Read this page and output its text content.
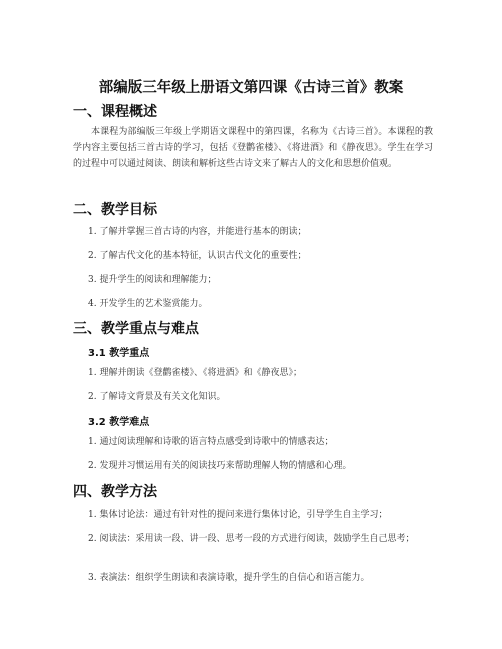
部编版三年级上册语文第四课《古诗三首》教案
一、课程概述

本课程为部编版三年级上学期语文课程中的第四课，名称为《古诗三首》。本课程的教学内容主要包括三首古诗的学习，包括《登鹳雀楼》、《将进酒》和《静夜思》。学生在学习的过程中可以通过阅读、朗读和解析这些古诗文来了解古人的文化和思想价值观。

二、教学目标
1. 了解并掌握三首古诗的内容，并能进行基本的朗读；
2. 了解古代文化的基本特征，认识古代文化的重要性；
3. 提升学生的阅读和理解能力；
4. 开发学生的艺术鉴赏能力。
三、教学重点与难点
3.1 教学重点
1. 理解并朗读《登鹳雀楼》、《将进酒》和《静夜思》；
2. 了解诗文背景及有关文化知识。
3.2 教学难点
1. 通过阅读理解和诗歌的语言特点感受到诗歌中的情感表达；
2. 发现并习惯运用有关的阅读技巧来帮助理解人物的情感和心理。
四、教学方法
1. 集体讨论法：通过有针对性的提问来进行集体讨论，引导学生自主学习；
2. 阅读法：采用读一段、讲一段、思考一段的方式进行阅读，鼓励学生自己思考；
3. 表演法：组织学生朗读和表演诗歌，提升学生的自信心和语言能力。
